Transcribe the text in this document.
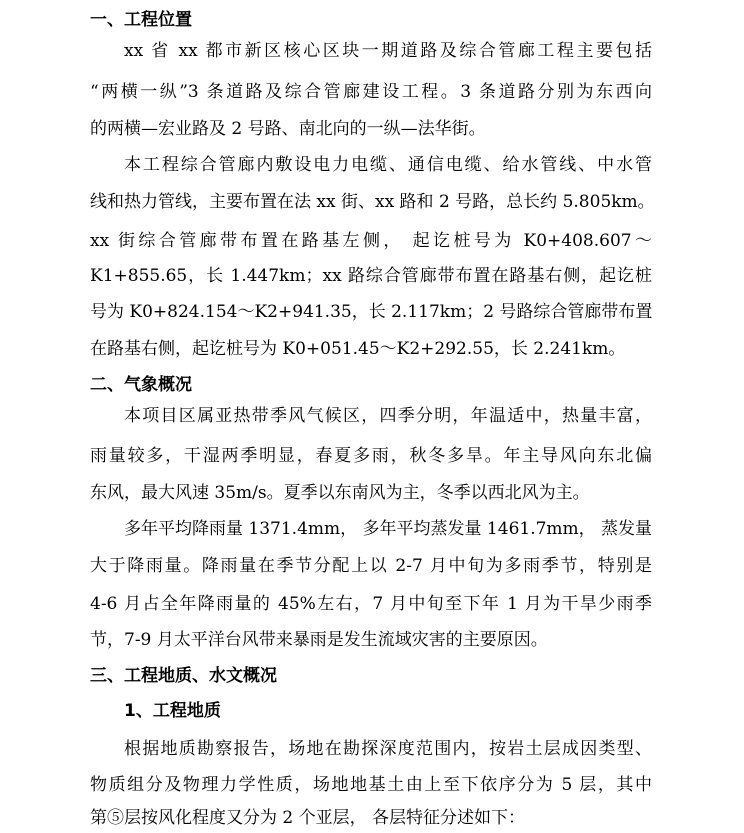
一、工程位置
xx 省 xx 都市新区核心区块一期道路及综合管廊工程主要包括
“两横一纵”3 条道路及综合管廊建设工程。3 条道路分别为东西向
的两横—宏业路及 2 号路、南北向的一纵—法华街。
本工程综合管廊内敷设电力电缆、通信电缆、给水管线、中水管
线和热力管线，主要布置在法 xx 街、xx 路和 2 号路，总长约 5.805km。
xx 街综合管廊带布置在路基左侧， 起讫桩号为 K0+408.607～
K1+855.65，长 1.447km；xx 路综合管廊带布置在路基右侧，起讫桩
号为 K0+824.154～K2+941.35，长 2.117km；2 号路综合管廊带布置
在路基右侧，起讫桩号为 K0+051.45～K2+292.55，长 2.241km。
二、气象概况
本项目区属亚热带季风气候区，四季分明，年温适中，热量丰富，
雨量较多，干湿两季明显，春夏多雨，秋冬多旱。年主导风向东北偏
东风，最大风速 35m/s。夏季以东南风为主，冬季以西北风为主。
多年平均降雨量 1371.4mm， 多年平均蒸发量 1461.7mm， 蒸发量
大于降雨量。降雨量在季节分配上以 2-7 月中旬为多雨季节，特别是
4-6 月占全年降雨量的 45%左右，7 月中旬至下年 1 月为干旱少雨季
节，7-9 月太平洋台风带来暴雨是发生流域灾害的主要原因。
三、工程地质、水文概况
1、工程地质
根据地质勘察报告，场地在勘探深度范围内，按岩土层成因类型、
物质组分及物理力学性质，场地地基土由上至下依序分为 5 层，其中
第⑤层按风化程度又分为 2 个亚层， 各层特征分述如下：
